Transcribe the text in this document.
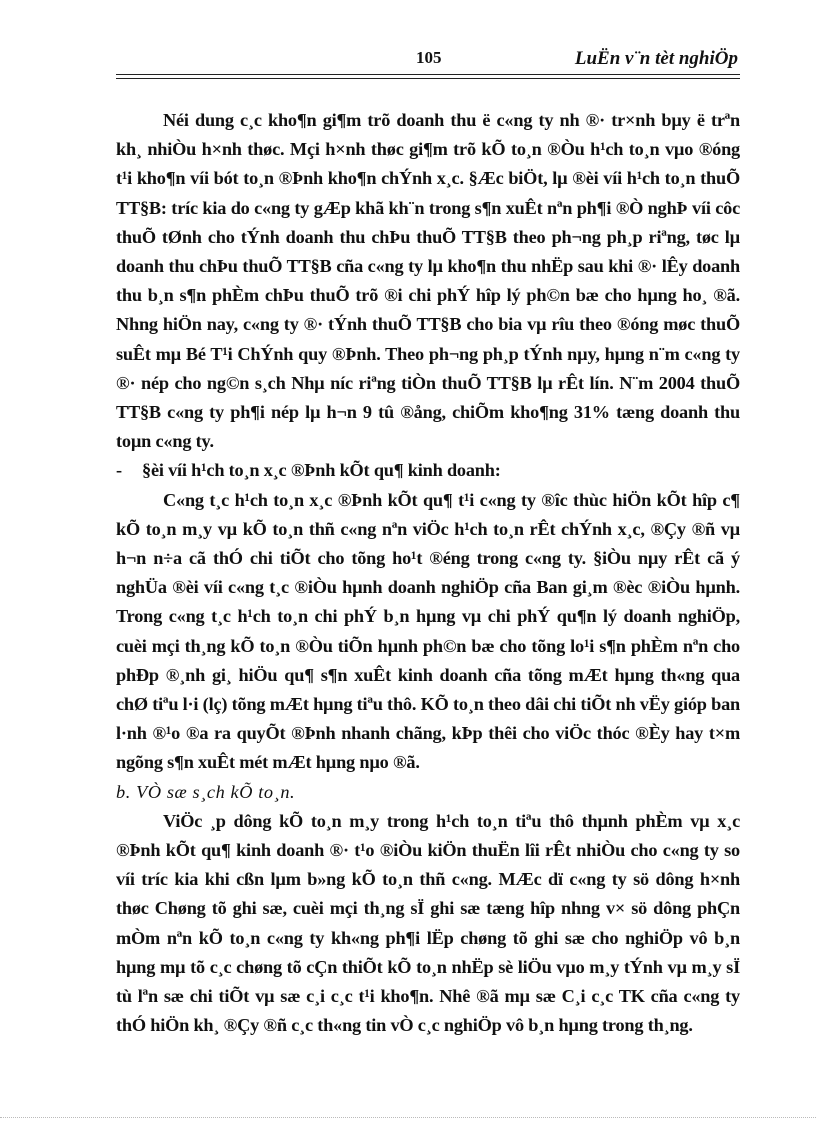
105	LuËn v¨n tèt nghiÖp

Néi dung c¸c kho¶n gi¶m trõ doanh thu ë c«ng ty nh ®· tr×nh bµy ë trªn kh¸ nhiÒu h×nh thøc. Mçi h×nh thøc gi¶m trõ kÕ to¸n ®Òu h¹ch to¸n vµo ®óng t¹i kho¶n víi bót to¸n ®Þnh kho¶n chÝnh x¸c. §Æc biÖt, lµ ®èi víi h¹ch to¸n thuÕ TT§B: tríc kia do c«ng ty gÆp khã kh¨n trong s¶n xuÊt nªn ph¶i ®Ò nghÞ víi côc thuÕ tØnh cho tÝnh doanh thu chÞu thuÕ TT§B theo ph¬ng ph¸p riªng, tøc lµ doanh thu chÞu thuÕ TT§B cña c«ng ty lµ kho¶n thu nhËp sau khi ®· lÊy doanh thu b¸n s¶n phÈm chÞu thuÕ trõ ®i chi phÝ hîp lý ph©n bæ cho hµng ho¸ ®ã. Nhng hiÖn nay, c«ng ty ®· tÝnh thuÕ TT§B cho bia vµ rîu theo ®óng møc thuÕ suÊt mµ Bé T¹i ChÝnh quy ®Þnh. Theo ph¬ng ph¸p tÝnh nµy, hµng n¨m c«ng ty ®· nép cho ng©n s¸ch Nhµ níc riªng tiÒn thuÕ TT§B lµ rÊt lín. N¨m 2004 thuÕ TT§B c«ng ty ph¶i nép lµ h¬n 9 tû ®ång, chiÕm kho¶ng 31% tæng doanh thu toµn c«ng ty.

- §èi víi h¹ch to¸n x¸c ®Þnh kÕt qu¶ kinh doanh:

C«ng t¸c h¹ch to¸n x¸c ®Þnh kÕt qu¶ t¹i c«ng ty ®îc thùc hiÖn kÕt hîp c¶ kÕ to¸n m¸y vµ kÕ to¸n thñ c«ng nªn viÖc h¹ch to¸n rÊt chÝnh x¸c, ®Çy ®ñ vµ h¬n n÷a cã thÓ chi tiÕt cho tõng ho¹t ®éng trong c«ng ty. §iÒu nµy rÊt cã ý nghÜa ®èi víi c«ng t¸c ®iÒu hµnh doanh nghiÖp cña Ban gi¸m ®èc ®iÒu hµnh. Trong c«ng t¸c h¹ch to¸n chi phÝ b¸n hµng vµ chi phÝ qu¶n lý doanh nghiÖp, cuèi mçi th¸ng kÕ to¸n ®Òu tiÕn hµnh ph©n bæ cho tõng lo¹i s¶n phÈm nªn cho phÐp ®¸nh gi¸ hiÖu qu¶ s¶n xuÊt kinh doanh cña tõng mÆt hµng th«ng qua chØ tiªu l·i (lç) tõng mÆt hµng tiªu thô. KÕ to¸n theo dâi chi tiÕt nh vËy gióp ban l·nh ®¹o ®a ra quyÕt ®Þnh nhanh chãng, kÞp thêi cho viÖc thóc ®Èy hay t×m ngõng s¶n xuÊt mét mÆt hµng nµo ®ã.

b. VÒ sæ s¸ch kÕ to¸n.

ViÖc ¸p dông kÕ to¸n m¸y trong h¹ch to¸n tiªu thô thµnh phÈm vµ x¸c ®Þnh kÕt qu¶ kinh doanh ®· t¹o ®iÒu kiÖn thuËn lîi rÊt nhiÒu cho c«ng ty so víi tríc kia khi cßn lµm b»ng kÕ to¸n thñ c«ng. MÆc dï c«ng ty sö dông h×nh thøc Chøng tõ ghi sæ, cuèi mçi th¸ng sÏ ghi sæ tæng hîp nhng v× sö dông phÇn mÒm nªn kÕ to¸n c«ng ty kh«ng ph¶i lËp chøng tõ ghi sæ cho nghiÖp vô b¸n hµng mµ tõ c¸c chøng tõ cÇn thiÕt kÕ to¸n nhËp sè liÖu vµo m¸y tÝnh vµ m¸y sÏ tù lªn sæ chi tiÕt vµ sæ c¸i c¸c t¹i kho¶n. Nhê ®ã mµ sæ C¸i c¸c TK cña c«ng ty thÓ hiÖn kh¸ ®Çy ®ñ c¸c th«ng tin vÒ c¸c nghiÖp vô b¸n hµng trong th¸ng.
